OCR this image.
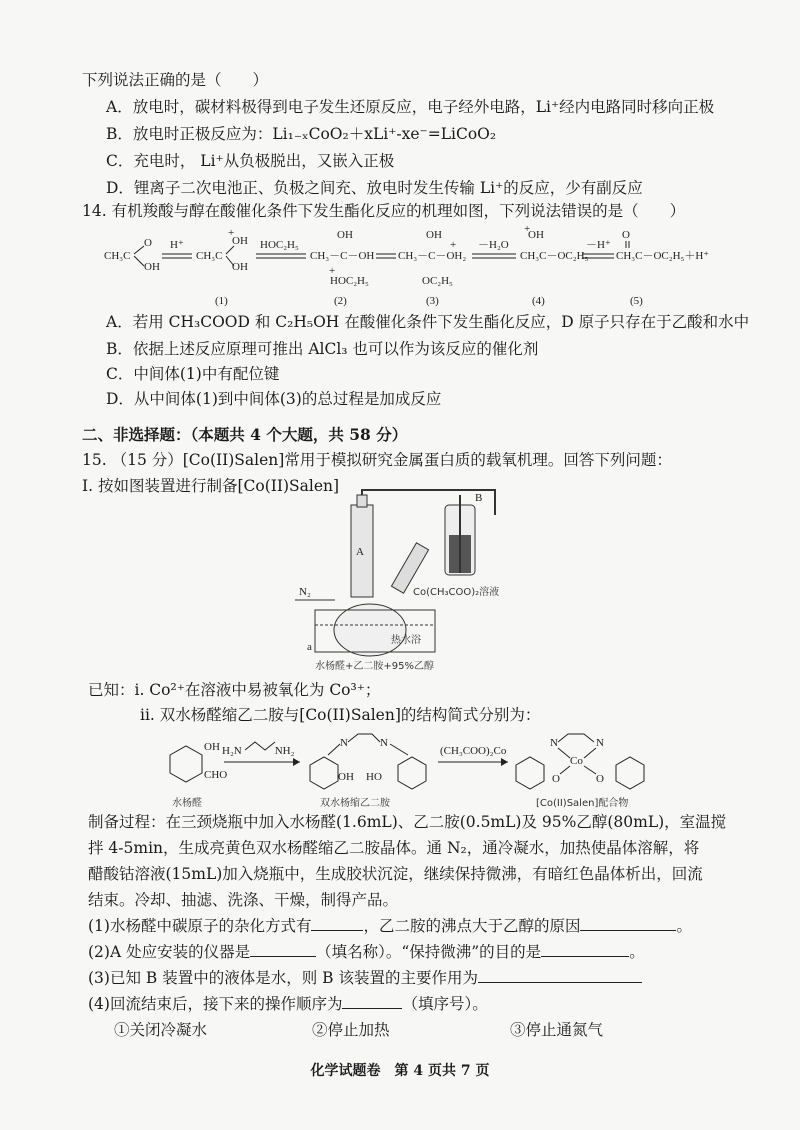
下列说法正确的是（　　）
A．放电时，碳材料极得到电子发生还原反应，电子经外电路，Li⁺经内电路同时移向正极
B．放电时正极反应为：Li₁₋ₓCoO₂＋xLi⁺-xe⁻=LiCoO₂
C．充电时， Li⁺从负极脱出，又嵌入正极
D．锂离子二次电池正、负极之间充、放电时发生传输 Li⁺的反应，少有副反应
14. 有机羧酸与醇在酸催化条件下发生酯化反应的机理如图，下列说法错误的是（　　）
CH₃C
O
OH
H⁺
CH₃C
OH
OH
+
(1)
HOC₂H₅
CH₃－C－OH
OH
HOC₂H₅
+
(2)
CH₃－C－OH₂
OH
OC₂H₅
+
(3)
－H₂O
CH₃C－OC₂H₅
OH
+
(4)
－H⁺
CH₃C－OC₂H₅＋H⁺
O
(5)
A．若用 CH₃COOD 和 C₂H₅OH 在酸催化条件下发生酯化反应，D 原子只存在于乙酸和水中
B．依据上述反应原理可推出 AlCl₃ 也可以作为该反应的催化剂
C．中间体(1)中有配位键
D．从中间体(1)到中间体(3)的总过程是加成反应
二、非选择题：（本题共 4 个大题，共 58 分）
15. （15 分）[Co(II)Salen]常用于模拟研究金属蛋白质的载氧机理。回答下列问题：
I. 按如图装置进行制备[Co(II)Salen]
A
B
Co(CH₃COO)₂溶液
热水浴
N₂
a
水杨醛+乙二胺+95%乙醇
已知：i. Co²⁺在溶液中易被氧化为 Co³⁺；
ii. 双水杨醛缩乙二胺与[Co(II)Salen]的结构简式分别为：
OH
CHO
水杨醛
H₂N　　　NH₂
N	N
OH HO
双水杨缩乙二胺
(CH₃COO)₂Co
N	N
Co
O	O
[Co(II)Salen]配合物
制备过程：在三颈烧瓶中加入水杨醛(1.6mL)、乙二胺(0.5mL)及 95%乙醇(80mL)，室温搅
拌 4-5min，生成亮黄色双水杨醛缩乙二胺晶体。通 N₂，通冷凝水，加热使晶体溶解，将
醋酸钴溶液(15mL)加入烧瓶中，生成胶状沉淀，继续保持微沸，有暗红色晶体析出，回流
结束。冷却、抽滤、洗涤、干燥，制得产品。
(1)水杨醛中碳原子的杂化方式有	，乙二胺的沸点大于乙醇的原因	。
(2)A 处应安装的仪器是	（填名称）。“保持微沸”的目的是	。
(3)已知 B 装置中的液体是水，则 B 该装置的主要作用为
(4)回流结束后，接下来的操作顺序为	（填序号）。
①关闭冷凝水	②停止加热	③停止通氮气
化学试题卷　第 4 页共 7 页
